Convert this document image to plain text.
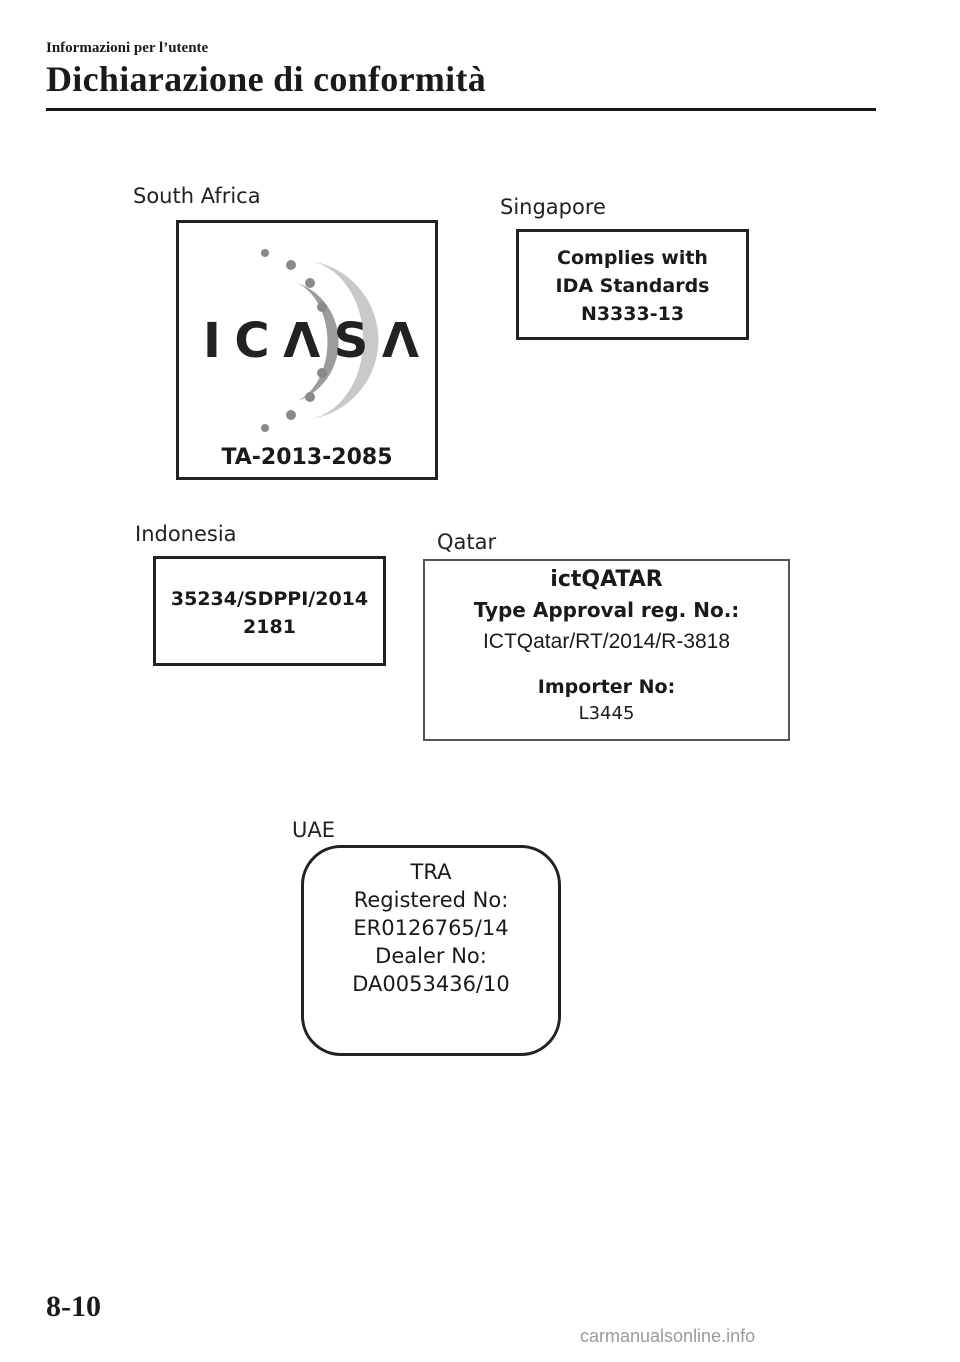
Informazioni per l’utente
Dichiarazione di conformità
South Africa
I C Λ S Λ
TA-2013-2085
Singapore
Complies with
IDA Standards
N3333-13
Indonesia
35234/SDPPI/2014
2181
Qatar
ictQATAR
Type Approval reg. No.:
ICTQatar/RT/2014/R-3818
Importer No:
L3445
UAE
TRA
Registered No:
ER0126765/14
Dealer No:
DA0053436/10
8-10
carmanualsonline.info
